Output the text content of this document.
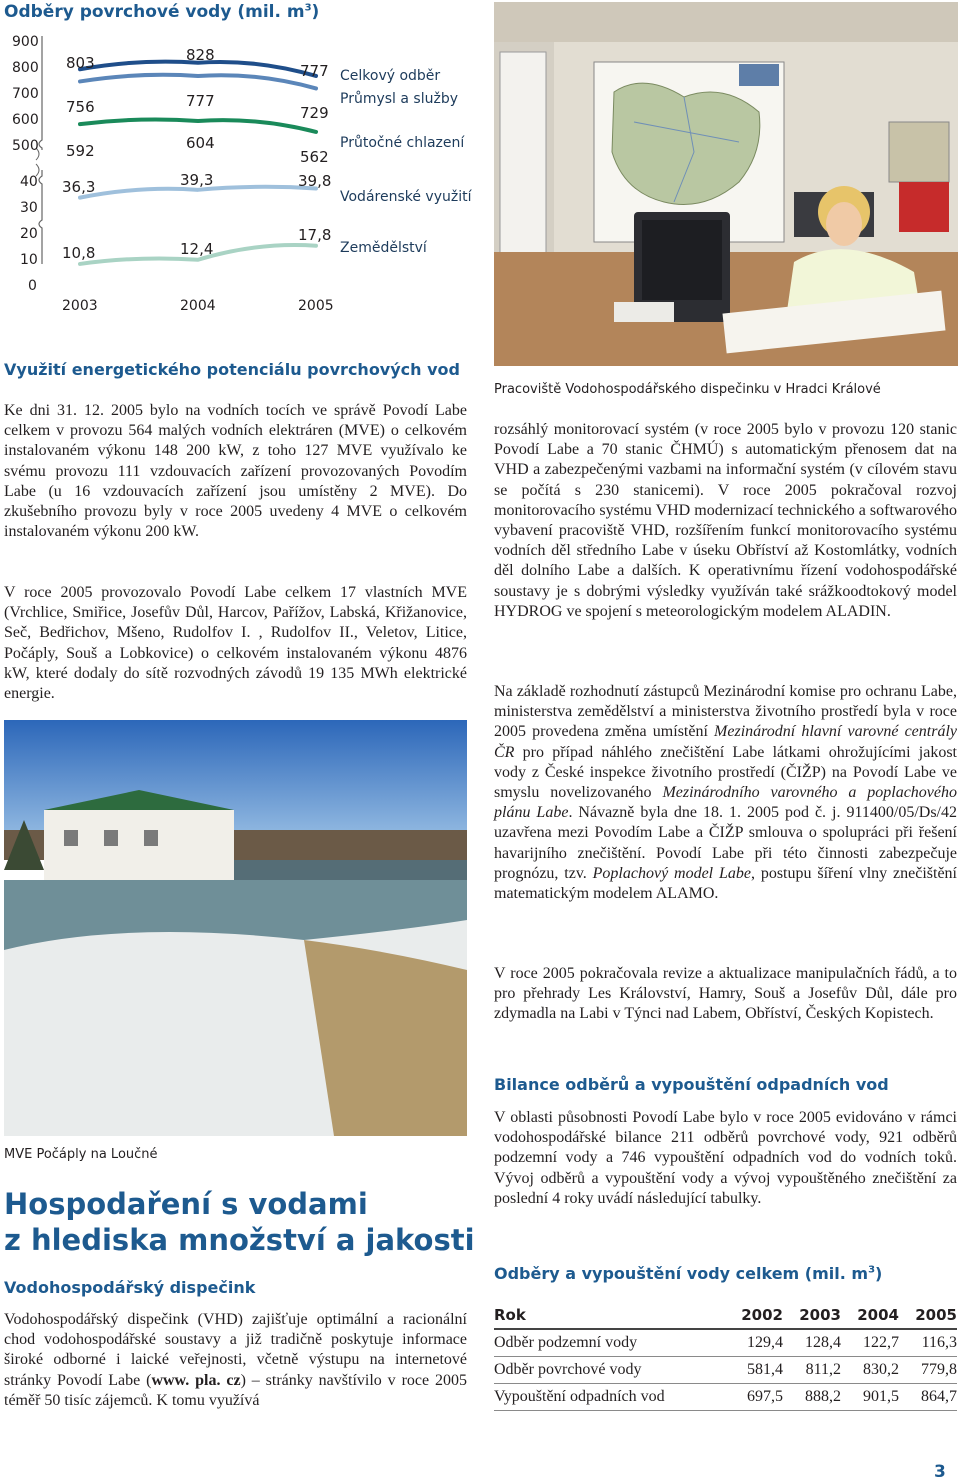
Odběry povrchové vody (mil. $m^3$)
900
800
700
600
500
40
30
20
10
0
2003	2004	2005
803	828
777
756	777
729
592	604
562
36,3	39,3	39,8
10,8	12,4
17,8
Celkový odběr
Průmysl a služby
Průtočné chlazení
Vodárenské využití
Zemědělství
Pracoviště Vodohospodářského dispečinku v Hradci Králové
Využití energetického potenciálu povrchových vod
Ke dni 31. 12. 2005 bylo na vodních tocích ve správě Povodí Labe celkem v provozu 564 malých vodních elektráren (MVE) o celkovém instalovaném výkonu 148 200 kW, z toho 127 MVE využívalo ke svému provozu 111 vzdouvacích zařízení provozovaných Povodím Labe (u 16 vzdouvacích zařízení jsou umístěny 2 MVE). Do zkušebního provozu byly v roce 2005 uvedeny 4 MVE o celkovém instalovaném výkonu 200 kW.
V roce 2005 provozovalo Povodí Labe celkem 17 vlastních MVE (Vrchlice, Smiřice, Josefův Důl, Harcov, Pařížov, Labská, Křižanovice, Seč, Bedřichov, Mšeno, Rudolfov I. , Rudolfov II., Veletov, Litice, Počáply, Souš a Lobkovice) o celkovém instalovaném výkonu 4876 kW, které dodaly do sítě rozvodných závodů 19 135 MWh elektrické energie.
MVE Počáply na Loučné
Hospodaření s vodami
z hlediska množství a jakosti
Vodohospodářský dispečink
Vodohospodářský dispečink (VHD) zajišťuje optimální a racionální chod vodohospodářské soustavy a již tradičně poskytuje informace široké odborné i laické veřejnosti, včetně výstupu na internetové stránky Povodí Labe (www. pla. cz) – stránky navštívilo v roce 2005 téměř 50 tisíc zájemců. K tomu využívá
rozsáhlý monitorovací systém (v roce 2005 bylo v provozu 120 stanic Povodí Labe a 70 stanic ČHMÚ) s automatickým přenosem dat na VHD a zabezpečenými vazbami na informační systém (v cílovém stavu se počítá s 230 stanicemi). V roce 2005 pokračoval rozvoj monitorovacího systému VHD modernizací technického a softwarového vybavení pracoviště VHD, rozšířením funkcí monitorovacího systému vodních děl středního Labe v úseku Obříství až Kostomlátky, vodních děl dolního Labe a dalších. K operativnímu řízení vodohospodářské soustavy je s dobrými výsledky využíván také srážkoodtokový model HYDROG ve spojení s meteorologickým modelem ALADIN.
Na základě rozhodnutí zástupců Mezinárodní komise pro ochranu Labe, ministerstva zemědělství a ministerstva životního prostředí byla v roce 2005 provedena změna umístění Mezinárodní hlavní varovné centrály ČR pro případ náhlého znečištění Labe látkami ohrožujícími jakost vody z České inspekce životního prostředí (ČIŽP) na Povodí Labe ve smyslu novelizovaného Mezinárodního varovného a poplachového plánu Labe. Návazně byla dne 18. 1. 2005 pod č. j. 911400/05/Ds/42 uzavřena mezi Povodím Labe a ČIŽP smlouva o spolupráci při řešení havarijního znečištění. Povodí Labe při této činnosti zabezpečuje prognózu, tzv. Poplachový model Labe, postupu šíření vlny znečištění matematickým modelem ALAMO.
V roce 2005 pokračovala revize a aktualizace manipulačních řádů, a to pro přehrady Les Království, Hamry, Souš a Josefův Důl, dále pro zdymadla na Labi v Týnci nad Labem, Obříství, Českých Kopistech.
Bilance odběrů a vypouštění odpadních vod
V oblasti působnosti Povodí Labe bylo v roce 2005 evidováno v rámci vodohospodářské bilance 211 odběrů povrchové vody, 921 odběrů podzemní vody a 746 vypouštění odpadních vod do vodních toků. Vývoj odběrů a vypouštění vody a vývoj vypouštěného znečištění za poslední 4 roky uvádí následující tabulky.
Odběry a vypouštění vody celkem (mil. $m^3$)
Rok	2002	2003	2004	2005
Odběr podzemní vody	129,4	128,4	122,7	116,3
Odběr povrchové vody	581,4	811,2	830,2	779,8
Vypouštění odpadních vod	697,5	888,2	901,5	864,7
3
